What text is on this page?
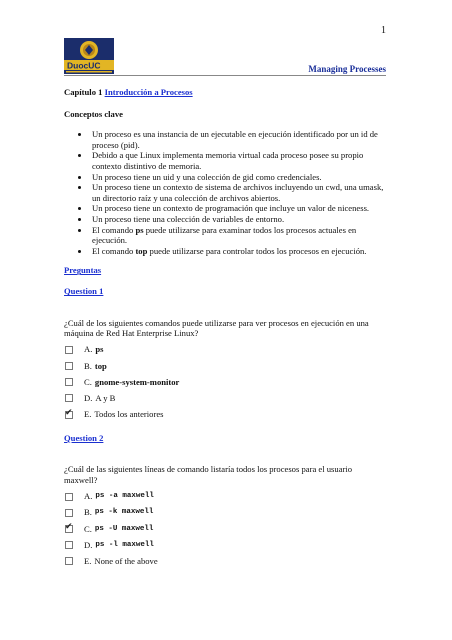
1
DuocUC	Managing Processes
Capítulo 1 Introducción a Procesos
Conceptos clave
• Un proceso es una instancia de un ejecutable en ejecución identificado por un id de proceso (pid).
• Debido a que Linux implementa memoria virtual cada proceso posee su propio contexto distintivo de memoria.
• Un proceso tiene un uid y una colección de gid como credenciales.
• Un proceso tiene un contexto de sistema de archivos incluyendo un cwd, una umask, un directorio raíz y una colección de archivos abiertos.
• Un proceso tiene un contexto de programación que incluye un valor de niceness.
• Un proceso tiene una colección de variables de entorno.
• El comando ps puede utilizarse para examinar todos los procesos actuales en ejecución.
• El comando top puede utilizarse para controlar todos los procesos en ejecución.
Preguntas
Question 1
¿Cuál de los siguientes comandos puede utilizarse para ver procesos en ejecución en una máquina de Red Hat Enterprise Linux?
A. ps
B. top
C. gnome-system-monitor
D. A y B
✔
E. Todos los anteriores
Question 2
¿Cuál de las siguientes líneas de comando listaría todos los procesos para el usuario maxwell?
A. ps -a maxwell
B. ps -k maxwell
✔
C. ps -U maxwell
D. ps -l maxwell
E. None of the above
